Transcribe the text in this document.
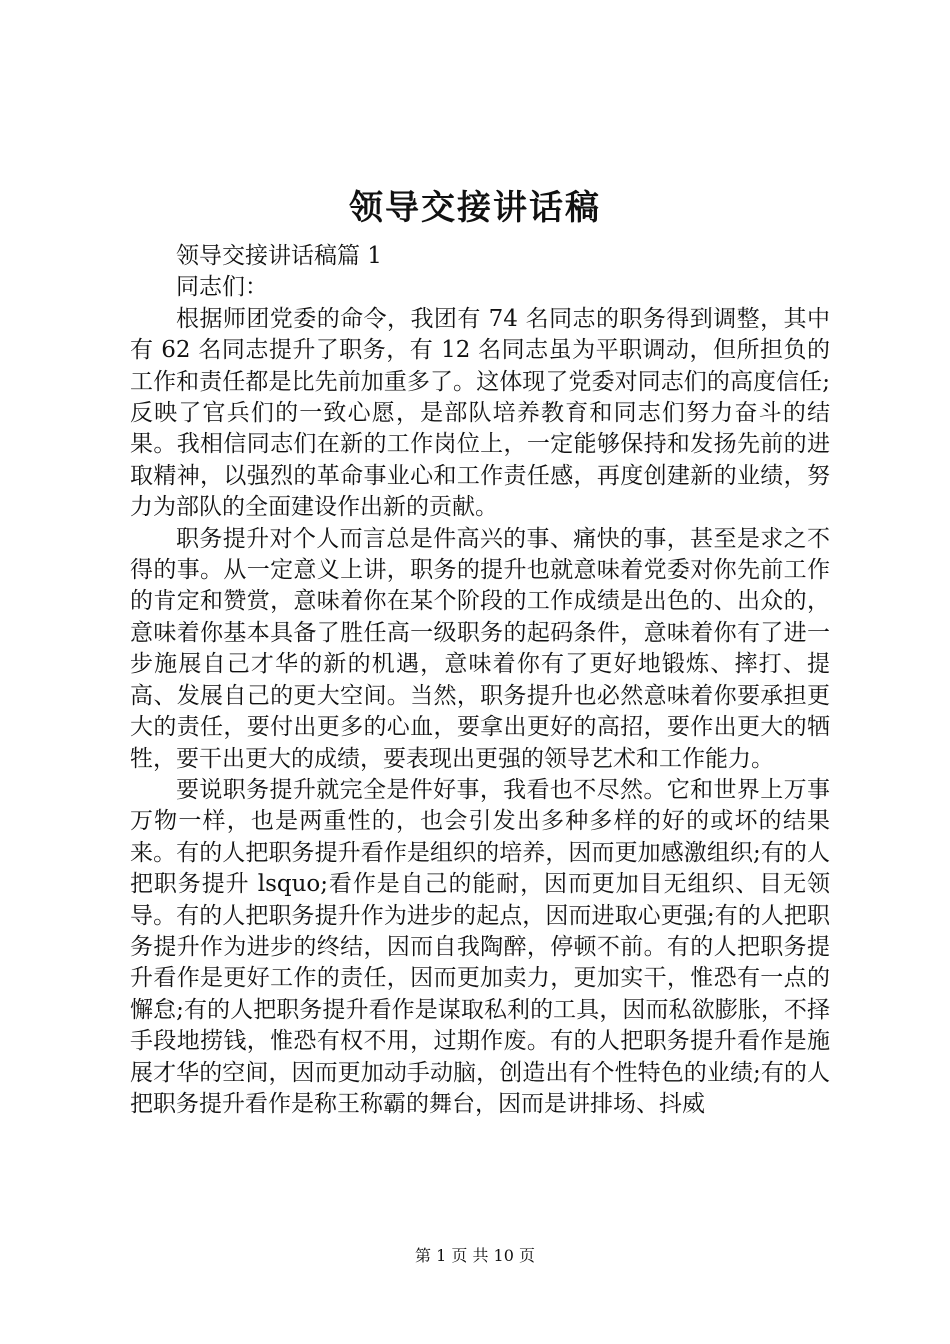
领导交接讲话稿

领导交接讲话稿篇 1

同志们：

根据师团党委的命令，我团有 74 名同志的职务得到调整，其中有 62 名同志提升了职务，有 12 名同志虽为平职调动，但所担负的工作和责任都是比先前加重多了。这体现了党委对同志们的高度信任;反映了官兵们的一致心愿，是部队培养教育和同志们努力奋斗的结果。我相信同志们在新的工作岗位上，一定能够保持和发扬先前的进取精神，以强烈的革命事业心和工作责任感，再度创建新的业绩，努力为部队的全面建设作出新的贡献。

职务提升对个人而言总是件高兴的事、痛快的事，甚至是求之不得的事。从一定意义上讲，职务的提升也就意味着党委对你先前工作的肯定和赞赏，意味着你在某个阶段的工作成绩是出色的、出众的，意味着你基本具备了胜任高一级职务的起码条件，意味着你有了进一步施展自己才华的新的机遇，意味着你有了更好地锻炼、摔打、提高、发展自己的更大空间。当然，职务提升也必然意味着你要承担更大的责任，要付出更多的心血，要拿出更好的高招，要作出更大的牺牲，要干出更大的成绩，要表现出更强的领导艺术和工作能力。

要说职务提升就完全是件好事，我看也不尽然。它和世界上万事万物一样，也是两重性的，也会引发出多种多样的好的或坏的结果来。有的人把职务提升看作是组织的培养，因而更加感激组织;有的人把职务提升 lsquo;看作是自己的能耐，因而更加目无组织、目无领导。有的人把职务提升作为进步的起点，因而进取心更强;有的人把职务提升作为进步的终结，因而自我陶醉，停顿不前。有的人把职务提升看作是更好工作的责任，因而更加卖力，更加实干，惟恐有一点的懈怠;有的人把职务提升看作是谋取私利的工具，因而私欲膨胀，不择手段地捞钱，惟恐有权不用，过期作废。有的人把职务提升看作是施展才华的空间，因而更加动手动脑，创造出有个性特色的业绩;有的人把职务提升看作是称王称霸的舞台，因而是讲排场、抖威

第 1 页 共 10 页
